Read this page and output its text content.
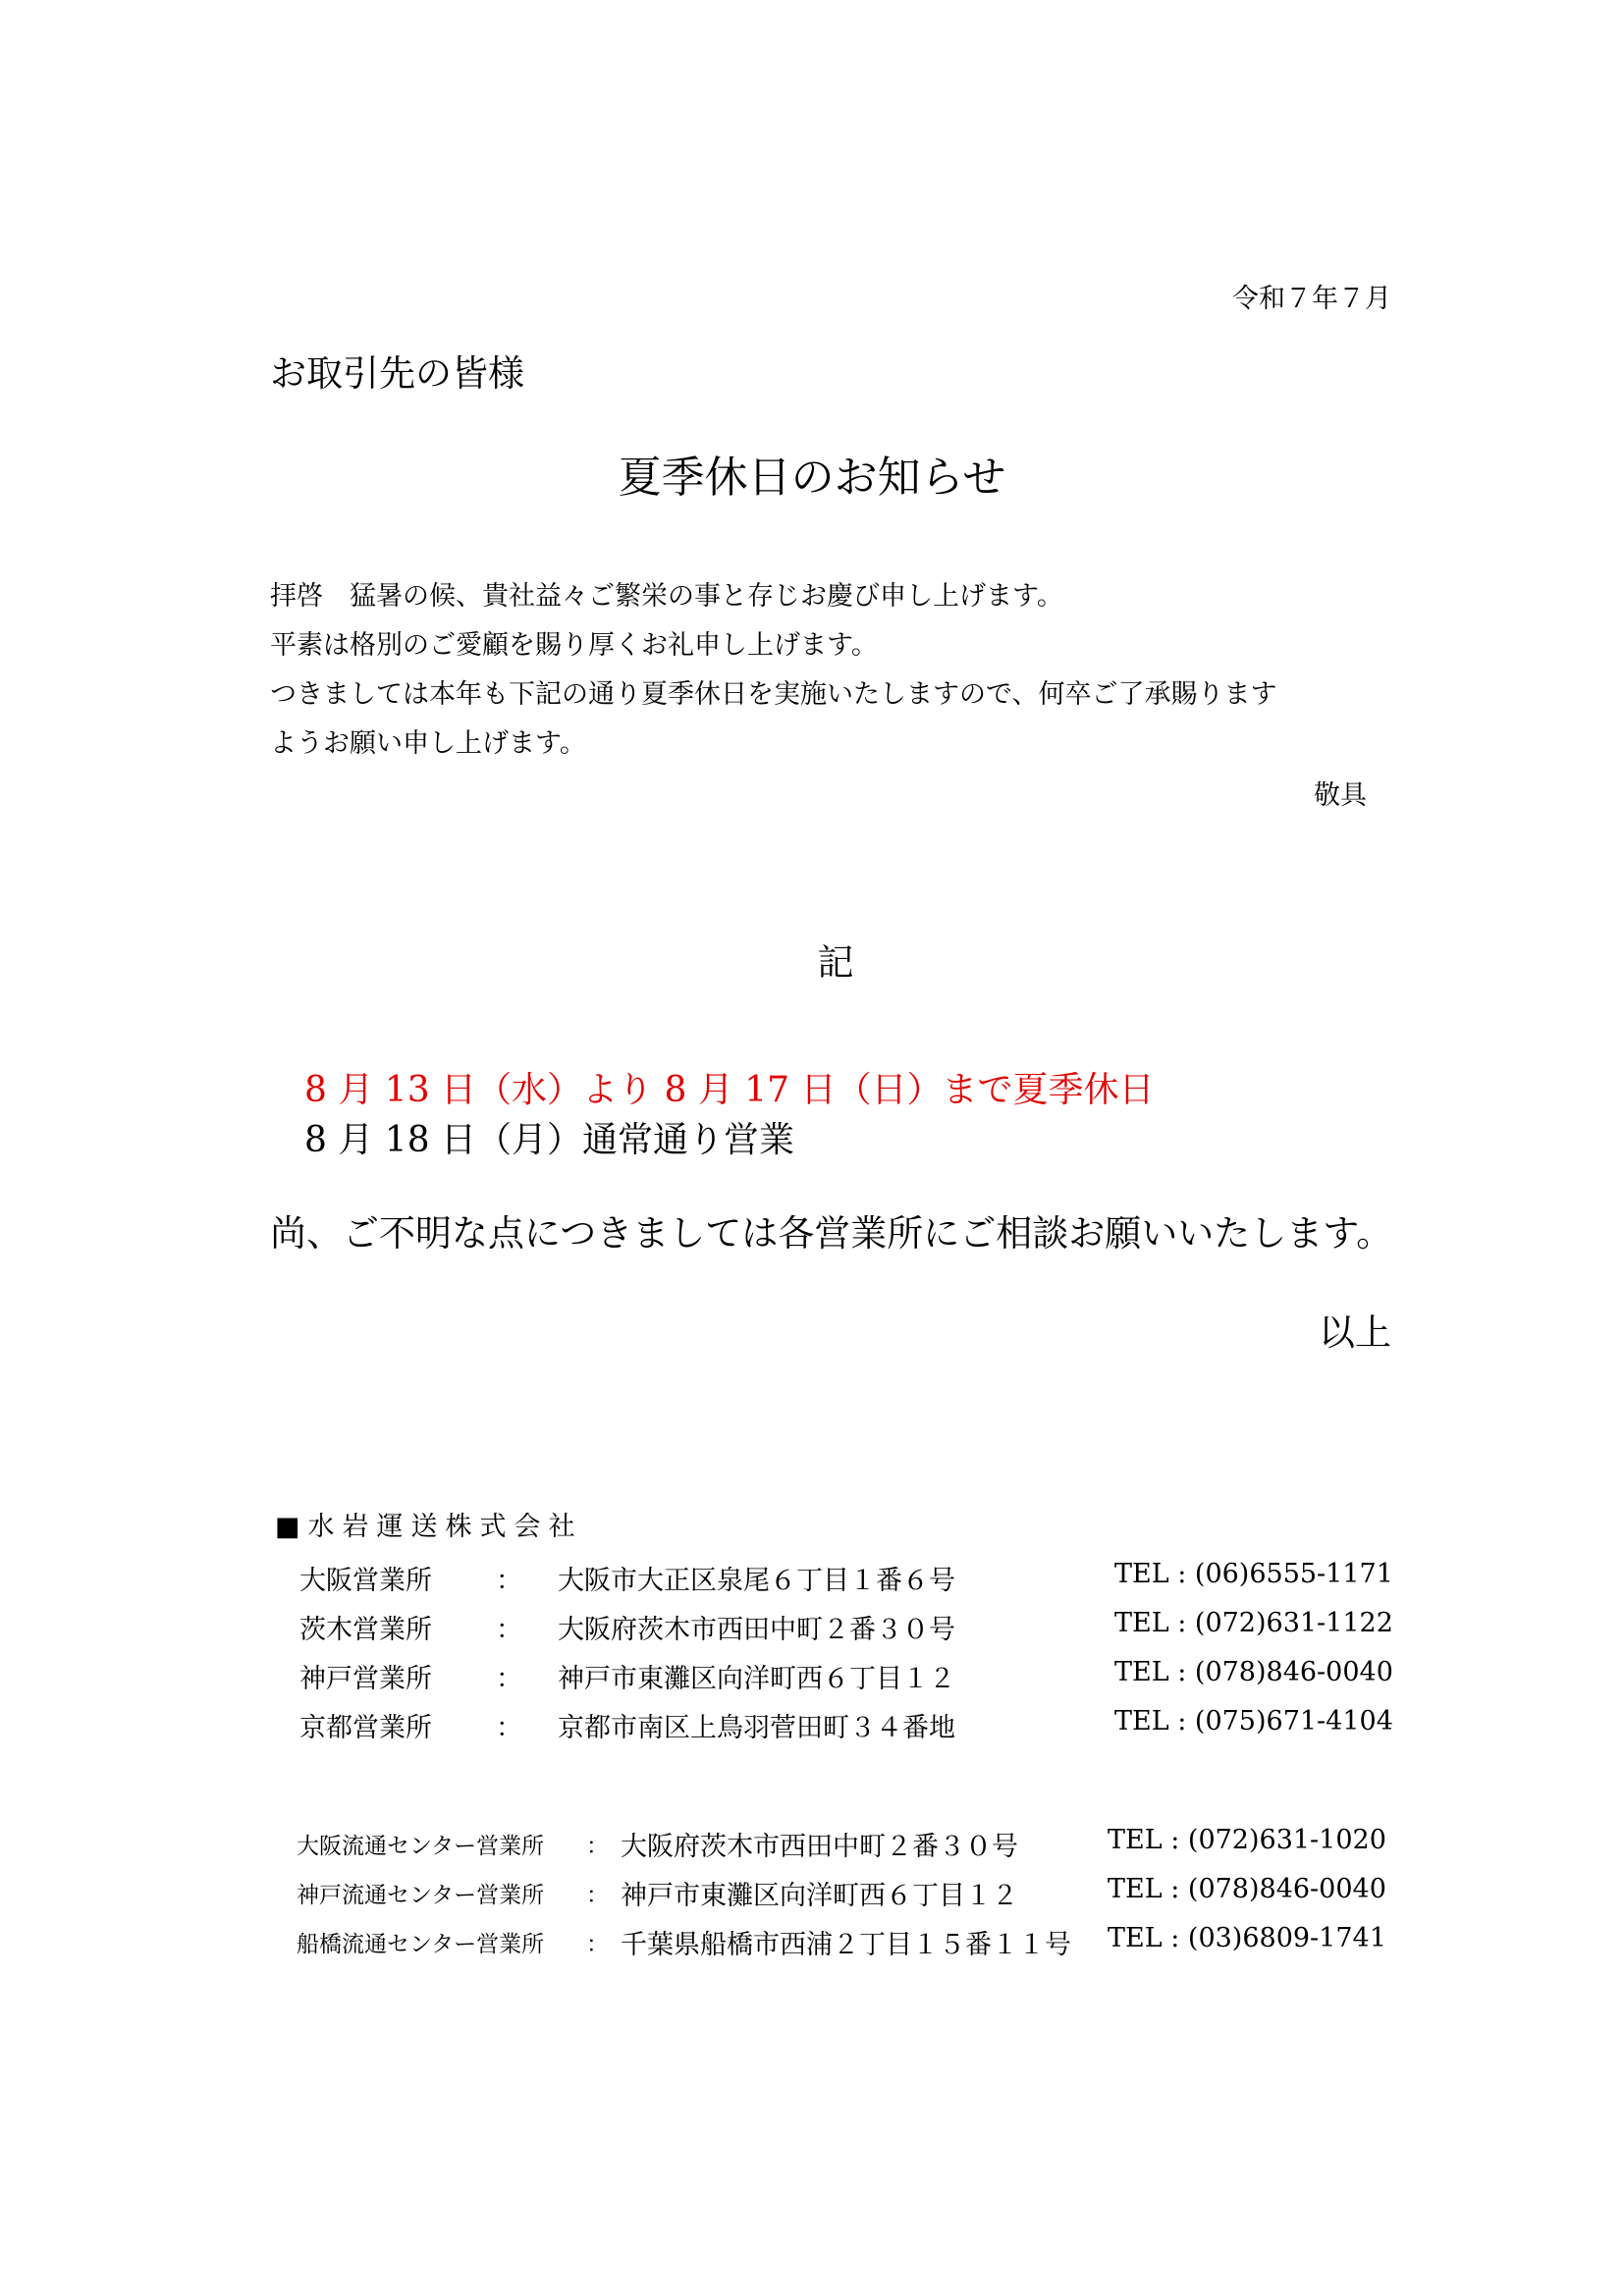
令和７年７月
お取引先の皆様
夏季休日のお知らせ
拝啓　猛暑の候、貴社益々ご繁栄の事と存じお慶び申し上げます。
平素は格別のご愛顧を賜り厚くお礼申し上げます。
つきましては本年も下記の通り夏季休日を実施いたしますので、何卒ご了承賜ります
ようお願い申し上げます。
敬具
記
8 月 13 日（水）より 8 月 17 日（日）まで夏季休日
8 月 18 日（月）通常通り営業
尚、ご不明な点につきましては各営業所にご相談お願いいたします。
以上
■水岩運送株式会社
大阪営業所 ： 大阪市大正区泉尾６丁目１番６号	TEL : (06)6555-1171
茨木営業所 ： 大阪府茨木市西田中町２番３０号	TEL : (072)631-1122
神戸営業所 ： 神戸市東灘区向洋町西６丁目１２	TEL : (078)846-0040
京都営業所 ： 京都市南区上鳥羽菅田町３４番地	TEL : (075)671-4104
大阪流通センター営業所 ： 大阪府茨木市西田中町２番３０号	TEL : (072)631-1020
神戸流通センター営業所 ： 神戸市東灘区向洋町西６丁目１２	TEL : (078)846-0040
船橋流通センター営業所 ： 千葉県船橋市西浦２丁目１５番１１号 TEL : (03)6809-1741
